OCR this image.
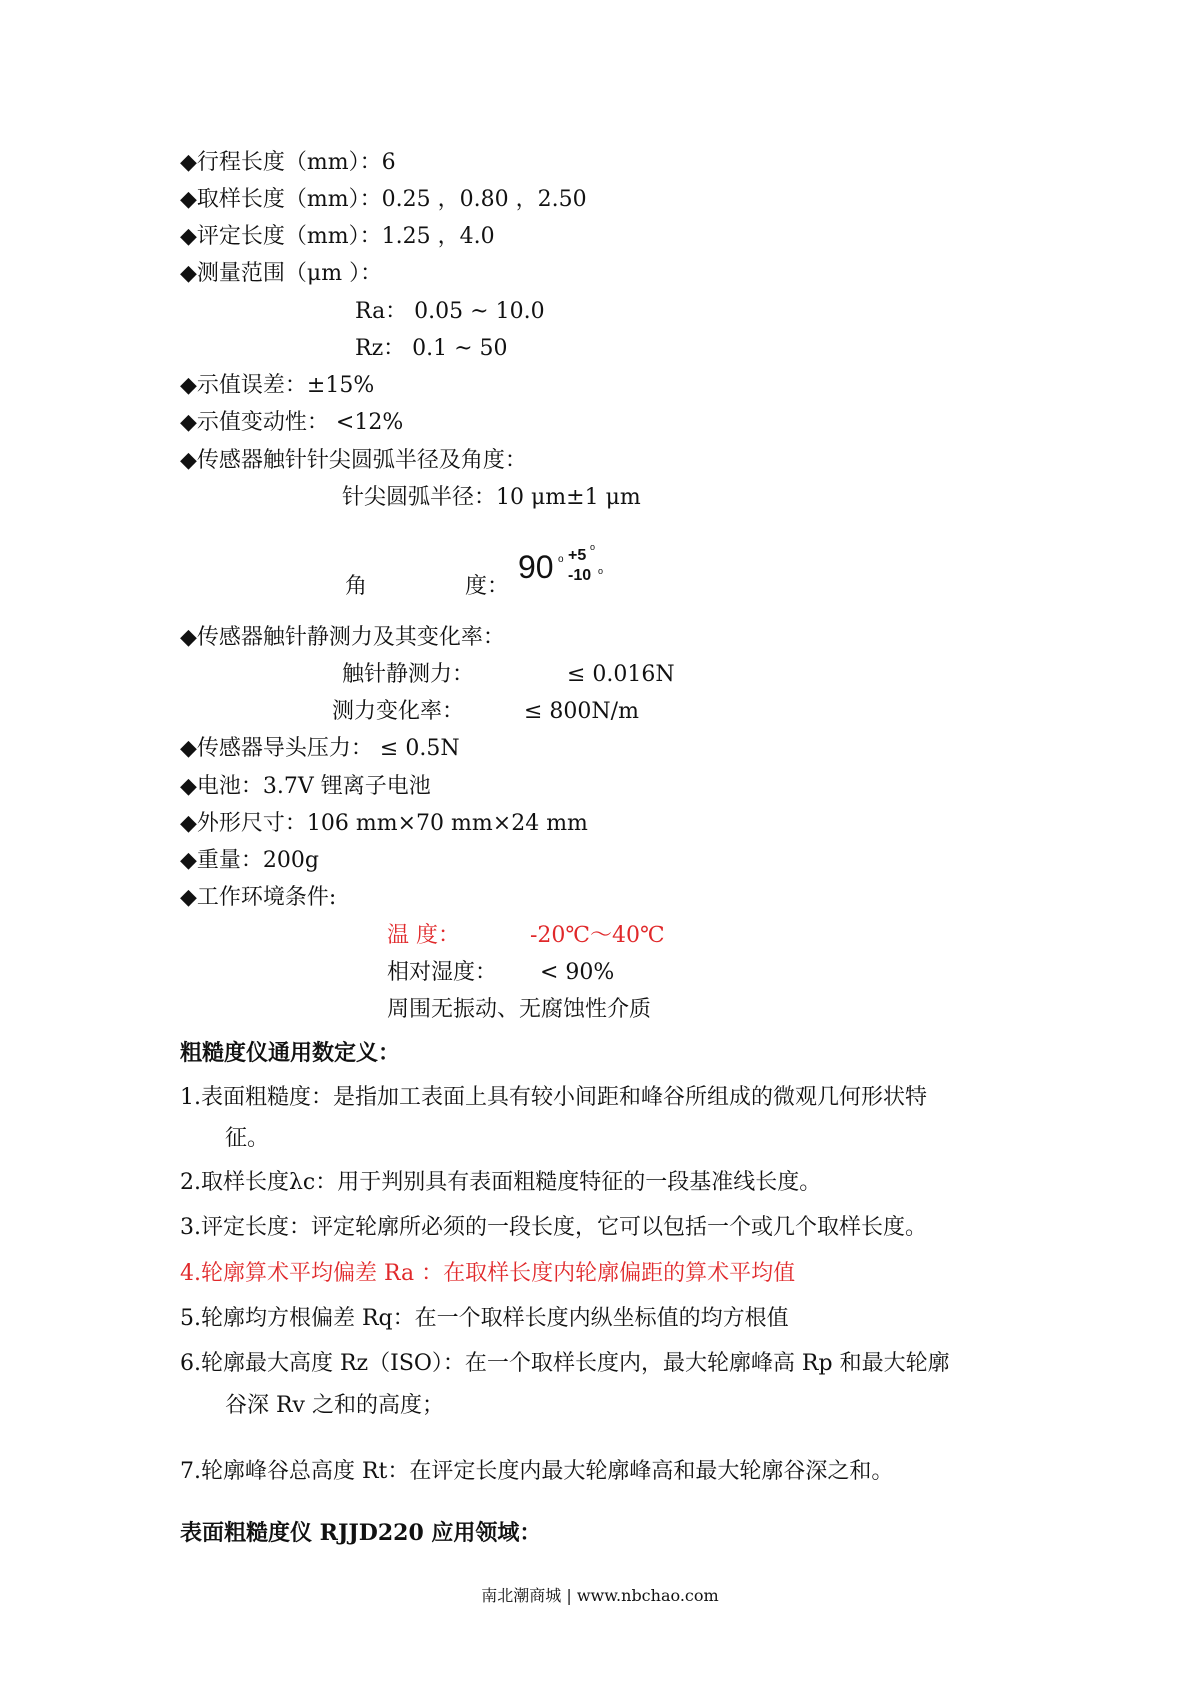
◆行程长度（mm）：6
◆取样长度（mm）：0.25 ，0.80 ，2.50
◆评定长度（mm）：1.25 ，4.0
◆测量范围（μm ）：
Ra： 0.05 ~ 10.0
Rz： 0.1 ~ 50
◆示值误差：±15%
◆示值变动性： <12%
◆传感器触针针尖圆弧半径及角度：
针尖圆弧半径：10 μm±1 μm
角	度：
90 o +5 o
-10 o
◆传感器触针静测力及其变化率：
触针静测力：	≤ 0.016N
测力变化率：	≤ 800N/m
◆传感器导头压力： ≤ 0.5N
◆电池：3.7V 锂离子电池
◆外形尺寸：106 mm×70 mm×24 mm
◆重量：200g
◆工作环境条件:
温 度：	-20℃～40℃
相对湿度： < 90%
周围无振动、无腐蚀性介质
粗糙度仪通用数定义：
1.表面粗糙度：是指加工表面上具有较小间距和峰谷所组成的微观几何形状特
征。
2.取样长度λc：用于判别具有表面粗糙度特征的一段基准线长度。
3.评定长度：评定轮廓所必须的一段长度，它可以包括一个或几个取样长度。
4.轮廓算术平均偏差 Ra ：在取样长度内轮廓偏距的算术平均值
5.轮廓均方根偏差 Rq：在一个取样长度内纵坐标值的均方根值
6.轮廓最大高度 Rz（ISO）：在一个取样长度内，最大轮廓峰高 Rp 和最大轮廓
谷深 Rv 之和的高度；
7.轮廓峰谷总高度 Rt：在评定长度内最大轮廓峰高和最大轮廓谷深之和。
表面粗糙度仪 RJJD220 应用领域：
南北潮商城 | www.nbchao.com
